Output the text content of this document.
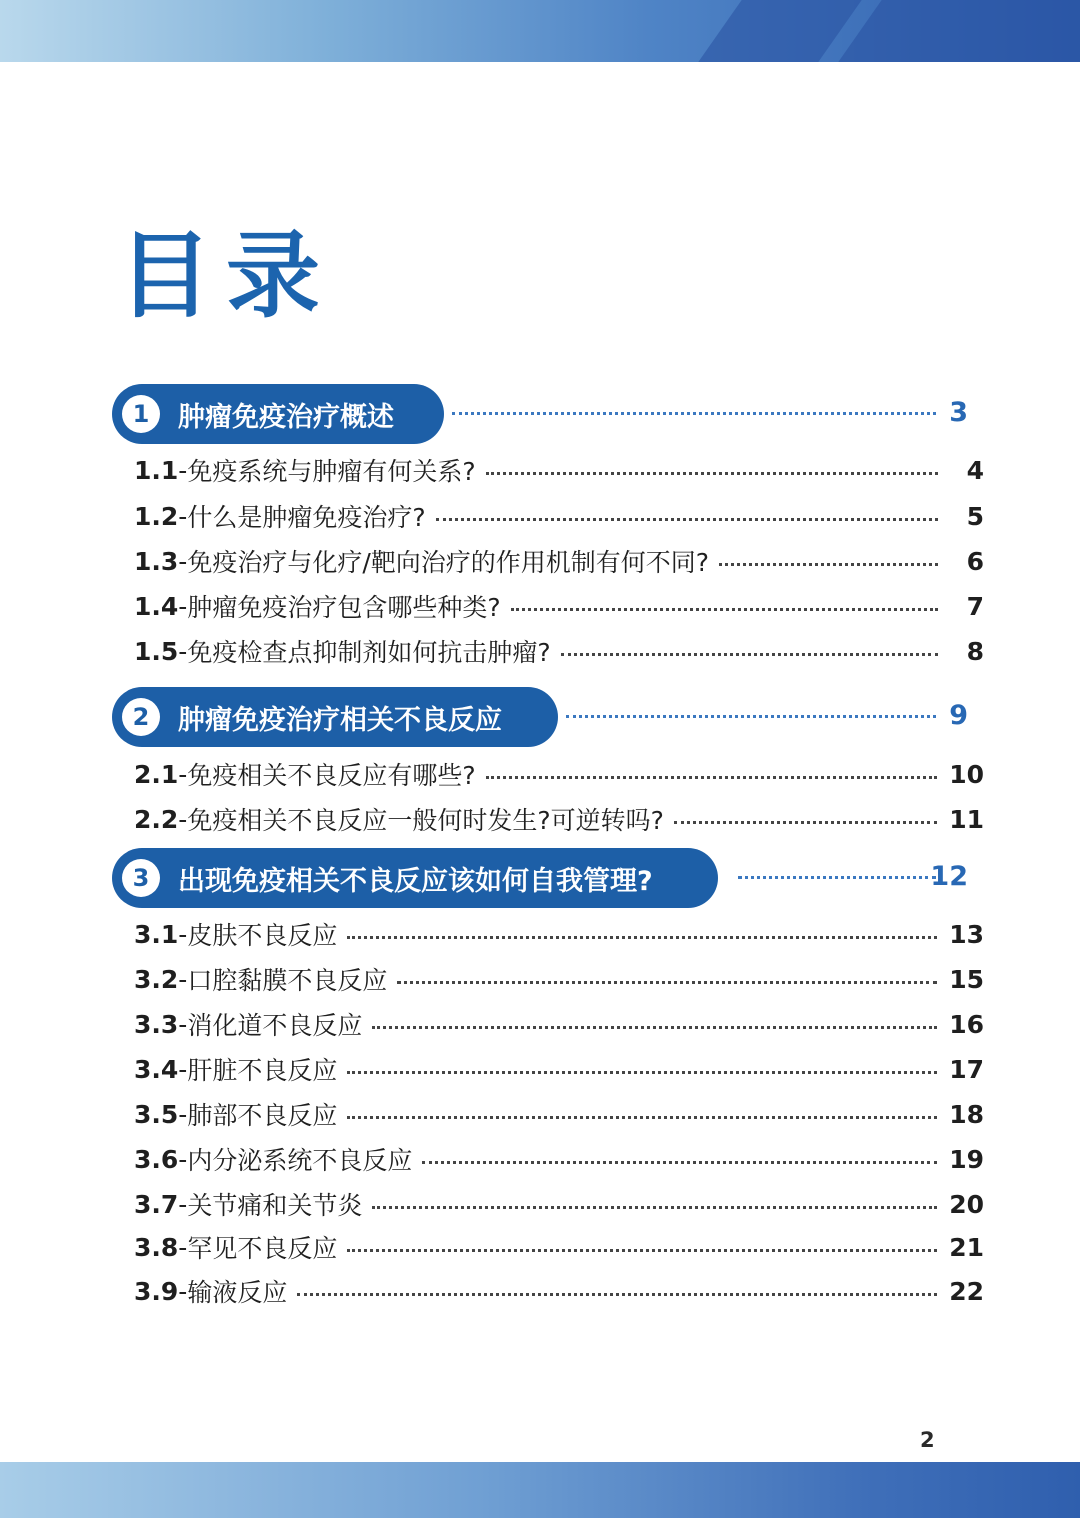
目录
1	肿瘤免疫治疗概述	3
1.1 - 免疫系统与肿瘤有何关系?	4
1.2 - 什么是肿瘤免疫治疗?	5
1.3 - 免疫治疗与化疗/靶向治疗的作用机制有何不同?	6
1.4 - 肿瘤免疫治疗包含哪些种类?	7
1.5 - 免疫检查点抑制剂如何抗击肿瘤?	8
2	肿瘤免疫治疗相关不良反应	9
2.1 - 免疫相关不良反应有哪些?	10
2.2 - 免疫相关不良反应一般何时发生?可逆转吗?	11
3	出现免疫相关不良反应该如何自我管理?	12
3.1 - 皮肤不良反应	13
3.2 - 口腔黏膜不良反应	15
3.3 - 消化道不良反应	16
3.4 - 肝脏不良反应	17
3.5 - 肺部不良反应	18
3.6 - 内分泌系统不良反应	19
3.7 - 关节痛和关节炎	20
3.8 - 罕见不良反应	21
3.9 - 输液反应	22
2
